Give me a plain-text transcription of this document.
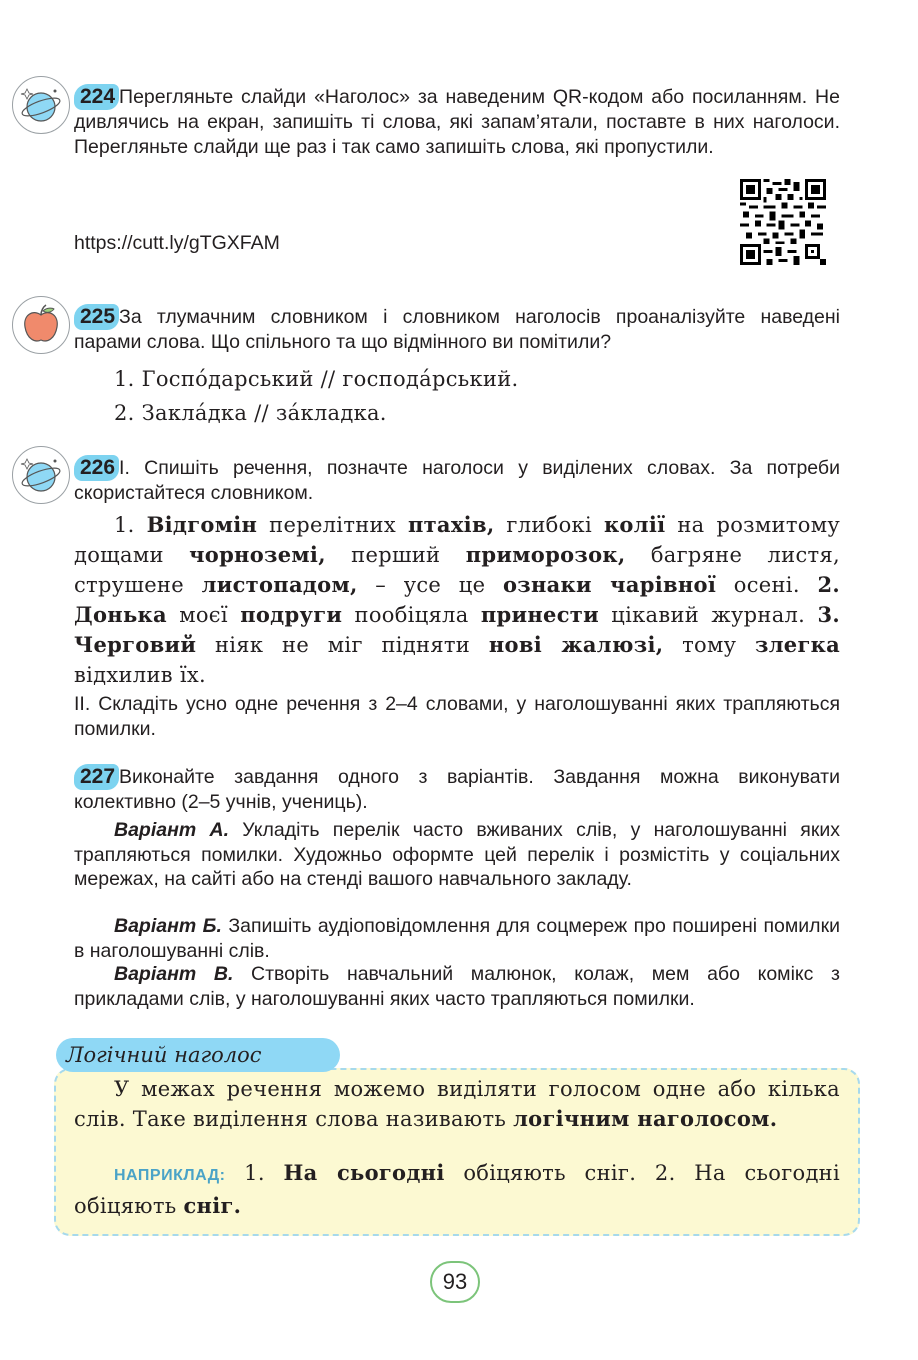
224 Перегляньте слайди «Наголос» за наведеним QR-кодом або посиланням. Не дивлячись на екран, запишіть ті слова, які запам’ятали, поставте в них наголоси. Перегляньте слайди ще раз і так само запишіть слова, які пропустили.
https://cutt.ly/gTGXFAM
225 За тлумачним словником і словником наголосів проаналізуйте наведені парами слова. Що спільного та що відмінного ви помітили?
1. Госпо́дарський // господа́рський.
2. Закла́дка // за́кладка.
226 I. Спишіть речення, позначте наголоси у виділених словах. За потреби скористайтеся словником.
1. Відгомін перелітних птахів, глибокі колії на розмитому дощами чорноземі, перший приморозок, багряне листя, струшене листопадом, – усе це ознаки чарівної осені. 2. Донька моєї подруги пообіцяла принести цікавий журнал. 3. Черговий ніяк не міг підняти нові жалюзі, тому злегка відхилив їх.
II. Складіть усно одне речення з 2–4 словами, у наголошуванні яких трапляються помилки.
227 Виконайте завдання одного з варіантів. Завдання можна виконувати колективно (2–5 учнів, учениць).
Варіант А. Укладіть перелік часто вживаних слів, у наголошуванні яких трапляються помилки. Художньо оформте цей перелік і розмістіть у соціальних мережах, на сайті або на стенді вашого навчального закладу.
Варіант Б. Запишіть аудіоповідомлення для соцмереж про поширені помилки в наголошуванні слів.
Варіант В. Створіть навчальний малюнок, колаж, мем або комікс з прикладами слів, у наголошуванні яких часто трапляються помилки.
Логічний наголос
У межах речення можемо виділяти голосом одне або кілька слів. Таке виділення слова називають логічним наголосом.
НАПРИКЛАД: 1. На сьогодні обіцяють сніг. 2. На сьогодні обіцяють сніг.
93
